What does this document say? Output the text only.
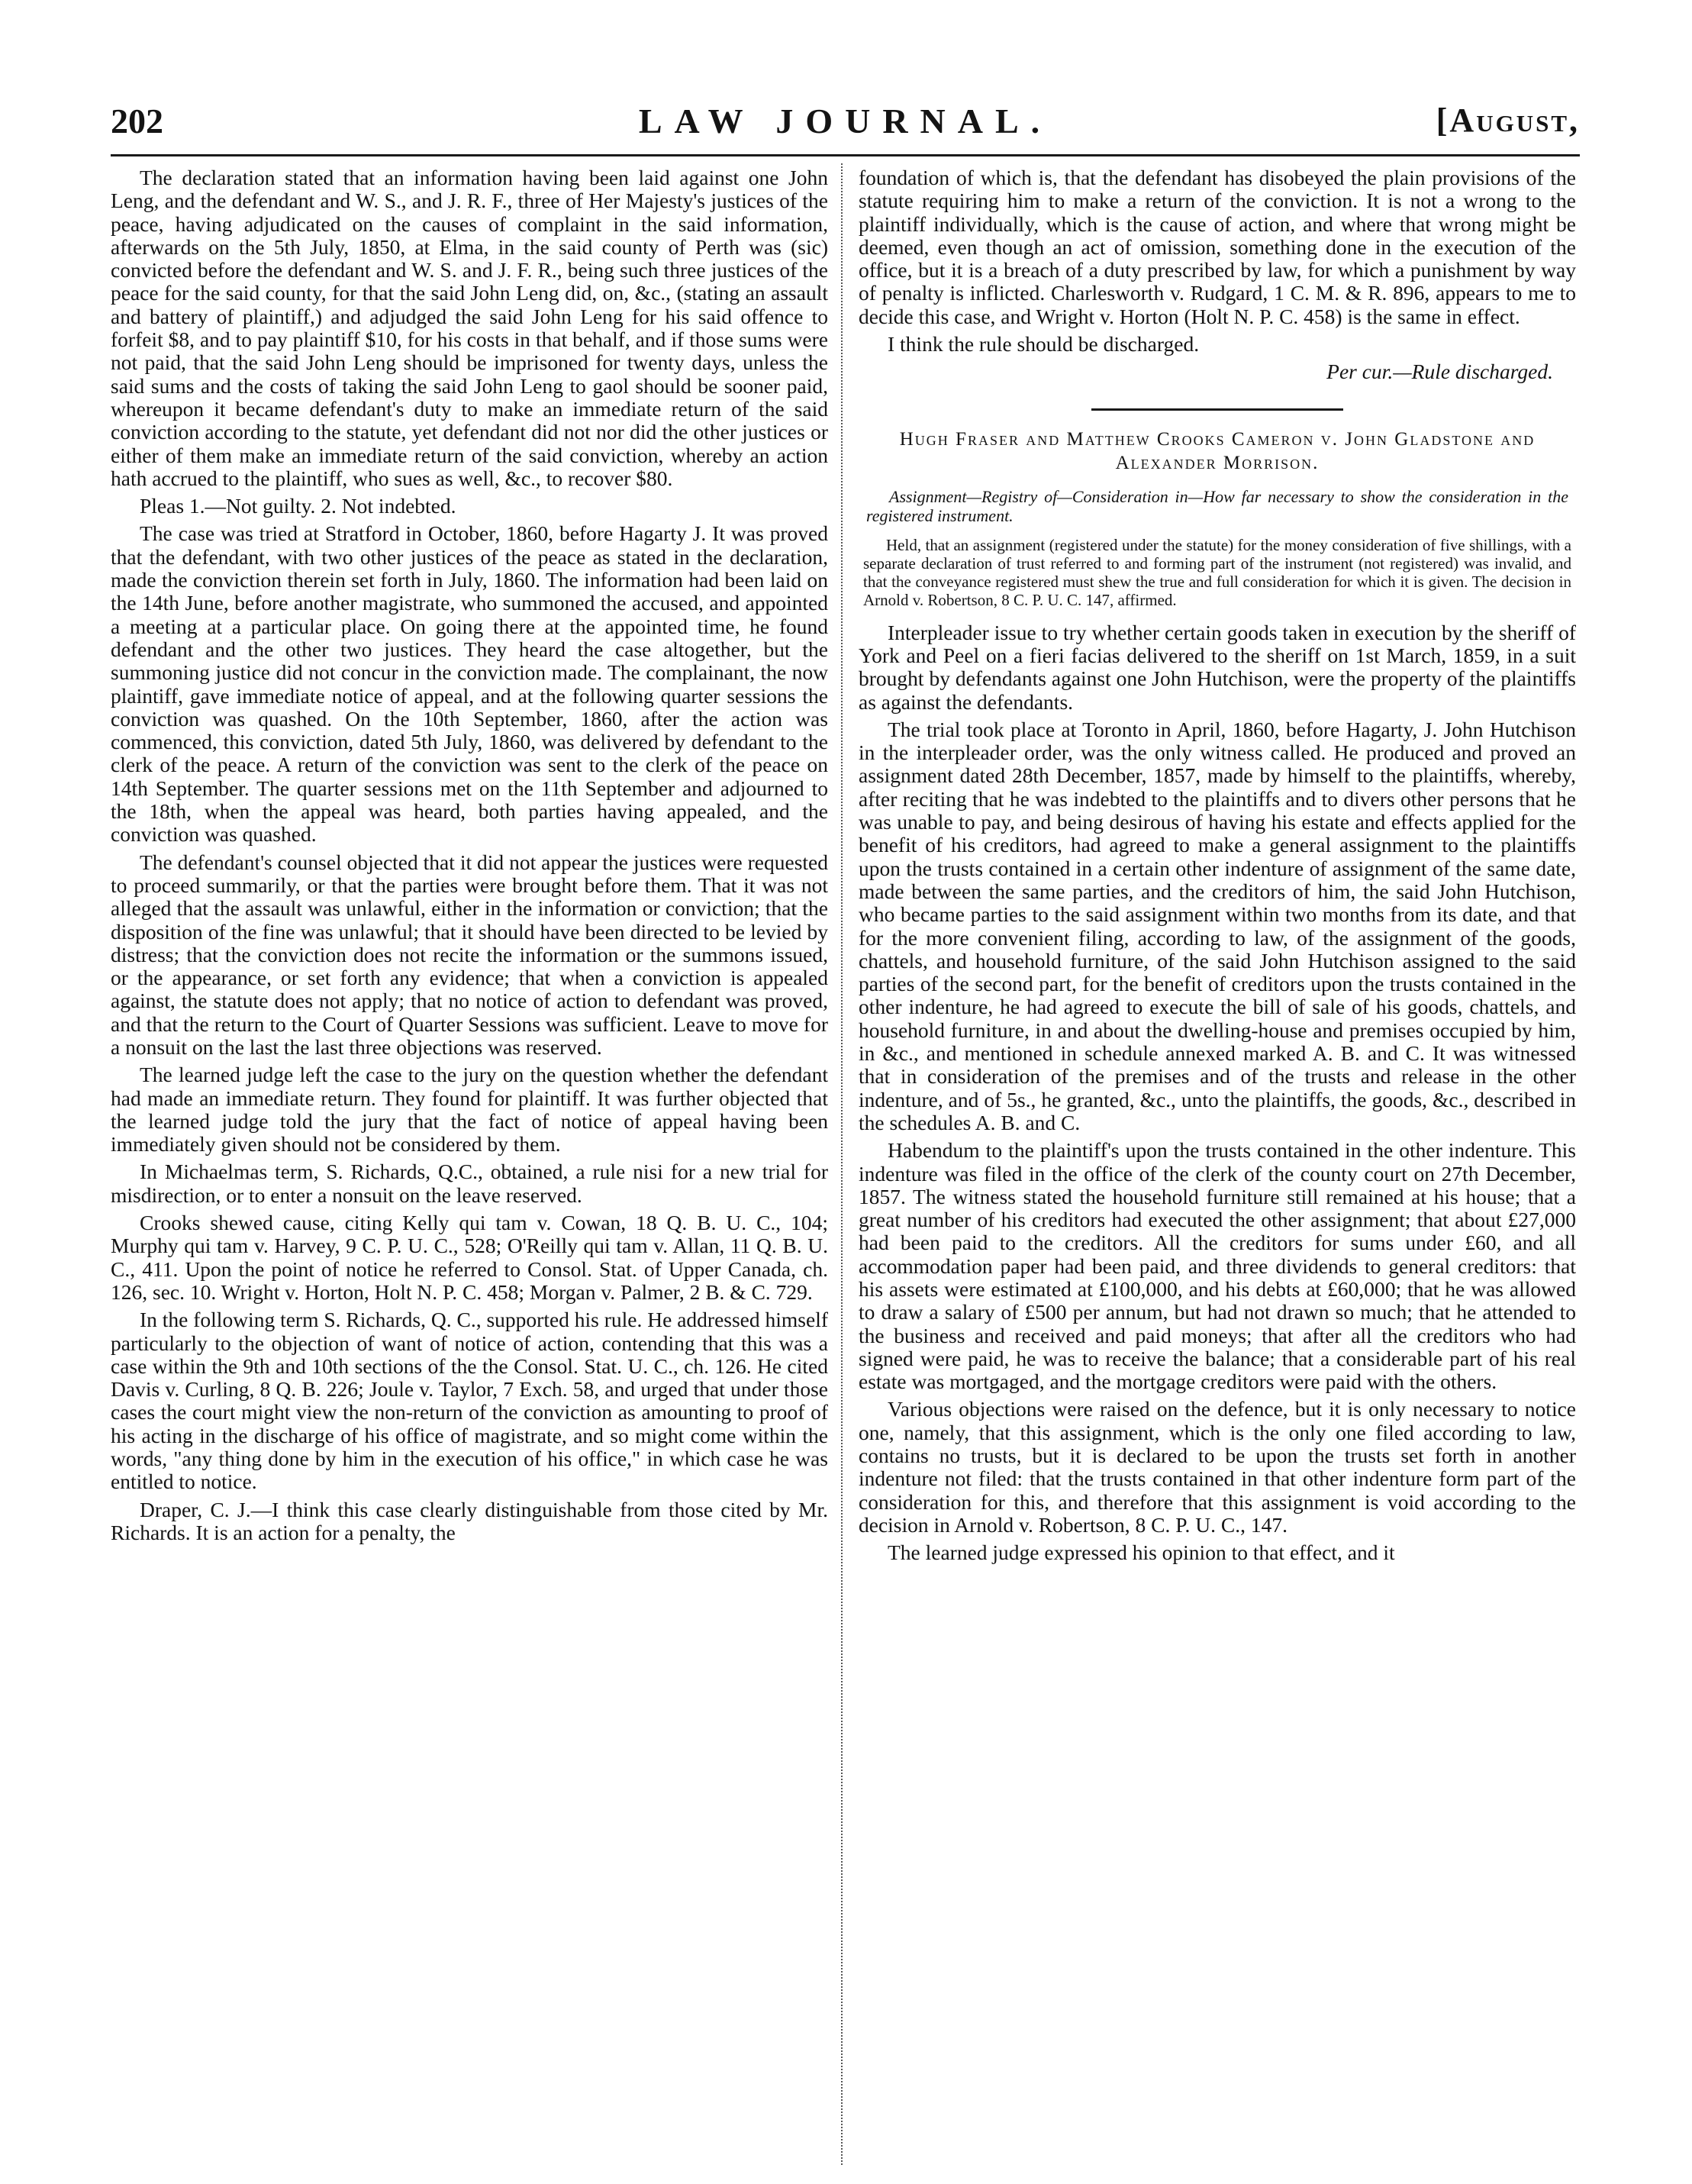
202	LAW JOURNAL.	[August,

The declaration stated that an information having been laid against one John Leng, and the defendant and W. S., and J. R. F., three of Her Majesty's justices of the peace, having adjudicated on the causes of complaint in the said information, afterwards on the 5th July, 1850, at Elma, in the said county of Perth was (sic) convicted before the defendant and W. S. and J. F. R., being such three justices of the peace for the said county, for that the said John Leng did, on, &c., (stating an assault and battery of plaintiff,) and adjudged the said John Leng for his said offence to forfeit $8, and to pay plaintiff $10, for his costs in that behalf, and if those sums were not paid, that the said John Leng should be imprisoned for twenty days, unless the said sums and the costs of taking the said John Leng to gaol should be sooner paid, whereupon it became defendant's duty to make an immediate return of the said conviction according to the statute, yet defendant did not nor did the other justices or either of them make an immediate return of the said conviction, whereby an action hath accrued to the plaintiff, who sues as well, &c., to recover $80.

Pleas 1.—Not guilty. 2. Not indebted.

The case was tried at Stratford in October, 1860, before Hagarty J. It was proved that the defendant, with two other justices of the peace as stated in the declaration, made the conviction therein set forth in July, 1860. The information had been laid on the 14th June, before another magistrate, who summoned the accused, and appointed a meeting at a particular place. On going there at the appointed time, he found defendant and the other two justices. They heard the case altogether, but the summoning justice did not concur in the conviction made. The complainant, the now plaintiff, gave immediate notice of appeal, and at the following quarter sessions the conviction was quashed. On the 10th September, 1860, after the action was commenced, this conviction, dated 5th July, 1860, was delivered by defendant to the clerk of the peace. A return of the conviction was sent to the clerk of the peace on 14th September. The quarter sessions met on the 11th September and adjourned to the 18th, when the appeal was heard, both parties having appealed, and the conviction was quashed.

The defendant's counsel objected that it did not appear the justices were requested to proceed summarily, or that the parties were brought before them. That it was not alleged that the assault was unlawful, either in the information or conviction; that the disposition of the fine was unlawful; that it should have been directed to be levied by distress; that the conviction does not recite the information or the summons issued, or the appearance, or set forth any evidence; that when a conviction is appealed against, the statute does not apply; that no notice of action to defendant was proved, and that the return to the Court of Quarter Sessions was sufficient. Leave to move for a nonsuit on the last the last three objections was reserved.

The learned judge left the case to the jury on the question whether the defendant had made an immediate return. They found for plaintiff. It was further objected that the learned judge told the jury that the fact of notice of appeal having been immediately given should not be considered by them.

In Michaelmas term, S. Richards, Q.C., obtained, a rule nisi for a new trial for misdirection, or to enter a nonsuit on the leave reserved.

Crooks shewed cause, citing Kelly qui tam v. Cowan, 18 Q. B. U. C., 104; Murphy qui tam v. Harvey, 9 C. P. U. C., 528; O'Reilly qui tam v. Allan, 11 Q. B. U. C., 411. Upon the point of notice he referred to Consol. Stat. of Upper Canada, ch. 126, sec. 10. Wright v. Horton, Holt N. P. C. 458; Morgan v. Palmer, 2 B. & C. 729.

In the following term S. Richards, Q. C., supported his rule. He addressed himself particularly to the objection of want of notice of action, contending that this was a case within the 9th and 10th sections of the the Consol. Stat. U. C., ch. 126. He cited Davis v. Curling, 8 Q. B. 226; Joule v. Taylor, 7 Exch. 58, and urged that under those cases the court might view the non-return of the conviction as amounting to proof of his acting in the discharge of his office of magistrate, and so might come within the words, "any thing done by him in the execution of his office," in which case he was entitled to notice.

Draper, C. J.—I think this case clearly distinguishable from those cited by Mr. Richards. It is an action for a penalty, the

foundation of which is, that the defendant has disobeyed the plain provisions of the statute requiring him to make a return of the conviction. It is not a wrong to the plaintiff individually, which is the cause of action, and where that wrong might be deemed, even though an act of omission, something done in the execution of the office, but it is a breach of a duty prescribed by law, for which a punishment by way of penalty is inflicted. Charlesworth v. Rudgard, 1 C. M. & R. 896, appears to me to decide this case, and Wright v. Horton (Holt N. P. C. 458) is the same in effect.

I think the rule should be discharged.

Per cur.—Rule discharged.

Hugh Fraser and Matthew Crooks Cameron v. John Gladstone and Alexander Morrison.
Assignment—Registry of—Consideration in—How far necessary to show the consideration in the registered instrument.
Held, that an assignment (registered under the statute) for the money consideration of five shillings, with a separate declaration of trust referred to and forming part of the instrument (not registered) was invalid, and that the conveyance registered must shew the true and full consideration for which it is given. The decision in Arnold v. Robertson, 8 C. P. U. C. 147, affirmed.

Interpleader issue to try whether certain goods taken in execution by the sheriff of York and Peel on a fieri facias delivered to the sheriff on 1st March, 1859, in a suit brought by defendants against one John Hutchison, were the property of the plaintiffs as against the defendants.

The trial took place at Toronto in April, 1860, before Hagarty, J. John Hutchison in the interpleader order, was the only witness called. He produced and proved an assignment dated 28th December, 1857, made by himself to the plaintiffs, whereby, after reciting that he was indebted to the plaintiffs and to divers other persons that he was unable to pay, and being desirous of having his estate and effects applied for the benefit of his creditors, had agreed to make a general assignment to the plaintiffs upon the trusts contained in a certain other indenture of assignment of the same date, made between the same parties, and the creditors of him, the said John Hutchison, who became parties to the said assignment within two months from its date, and that for the more convenient filing, according to law, of the assignment of the goods, chattels, and household furniture, of the said John Hutchison assigned to the said parties of the second part, for the benefit of creditors upon the trusts contained in the other indenture, he had agreed to execute the bill of sale of his goods, chattels, and household furniture, in and about the dwelling-house and premises occupied by him, in &c., and mentioned in schedule annexed marked A. B. and C. It was witnessed that in consideration of the premises and of the trusts and release in the other indenture, and of 5s., he granted, &c., unto the plaintiffs, the goods, &c., described in the schedules A. B. and C.

Habendum to the plaintiff's upon the trusts contained in the other indenture. This indenture was filed in the office of the clerk of the county court on 27th December, 1857. The witness stated the household furniture still remained at his house; that a great number of his creditors had executed the other assignment; that about £27,000 had been paid to the creditors. All the creditors for sums under £60, and all accommodation paper had been paid, and three dividends to general creditors: that his assets were estimated at £100,000, and his debts at £60,000; that he was allowed to draw a salary of £500 per annum, but had not drawn so much; that he attended to the business and received and paid moneys; that after all the creditors who had signed were paid, he was to receive the balance; that a considerable part of his real estate was mortgaged, and the mortgage creditors were paid with the others.

Various objections were raised on the defence, but it is only necessary to notice one, namely, that this assignment, which is the only one filed according to law, contains no trusts, but it is declared to be upon the trusts set forth in another indenture not filed: that the trusts contained in that other indenture form part of the consideration for this, and therefore that this assignment is void according to the decision in Arnold v. Robertson, 8 C. P. U. C., 147.

The learned judge expressed his opinion to that effect, and it
